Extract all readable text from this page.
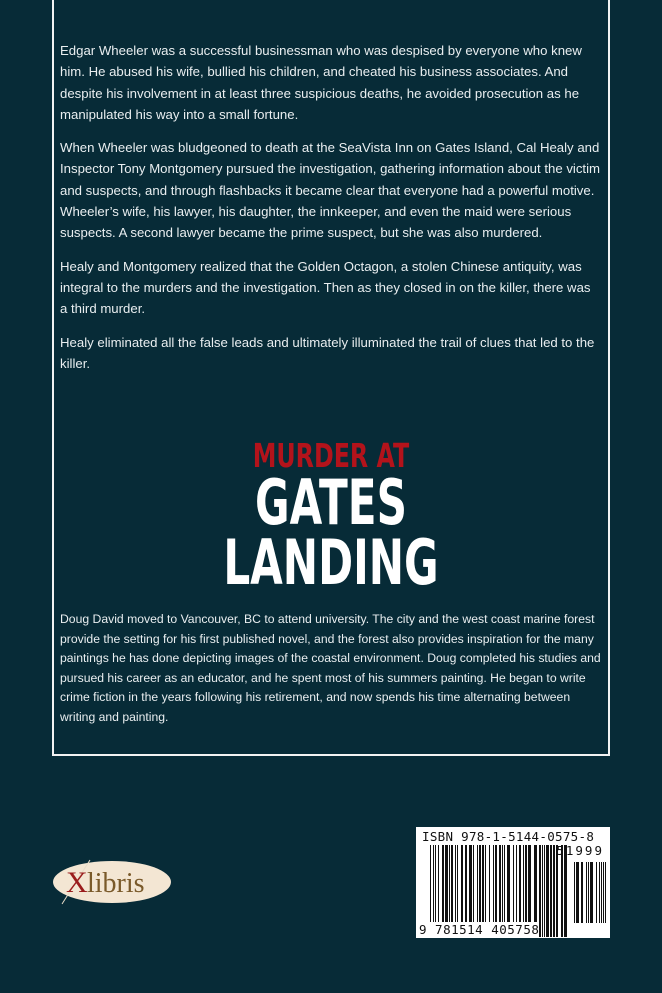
Edgar Wheeler was a successful businessman who was despised by everyone who knew him. He abused his wife, bullied his children, and cheated his business associates. And despite his involvement in at least three suspicious deaths, he avoided prosecution as he manipulated his way into a small fortune.

When Wheeler was bludgeoned to death at the SeaVista Inn on Gates Island, Cal Healy and Inspector Tony Montgomery pursued the investigation, gathering information about the victim and suspects, and through flashbacks it became clear that everyone had a powerful motive. Wheeler’s wife, his lawyer, his daughter, the innkeeper, and even the maid were serious suspects. A second lawyer became the prime suspect, but she was also murdered.

Healy and Montgomery realized that the Golden Octagon, a stolen Chinese antiquity, was integral to the murders and the investigation. Then as they closed in on the killer, there was a third murder.

Healy eliminated all the false leads and ultimately illuminated the trail of clues that led to the killer.

MURDER AT
GATES
LANDING
Doug David moved to Vancouver, BC to attend university. The city and the west coast marine forest provide the setting for his first published novel, and the forest also provides inspiration for the many paintings he has done depicting images of the coastal environment. Doug completed his studies and pursued his career as an educator, and he spent most of his summers painting. He began to write crime fiction in the years following his retirement, and now spends his time alternating between writing and painting.
X libris
ISBN 978-1-5144-0575-8
51999
9 781514 405758
